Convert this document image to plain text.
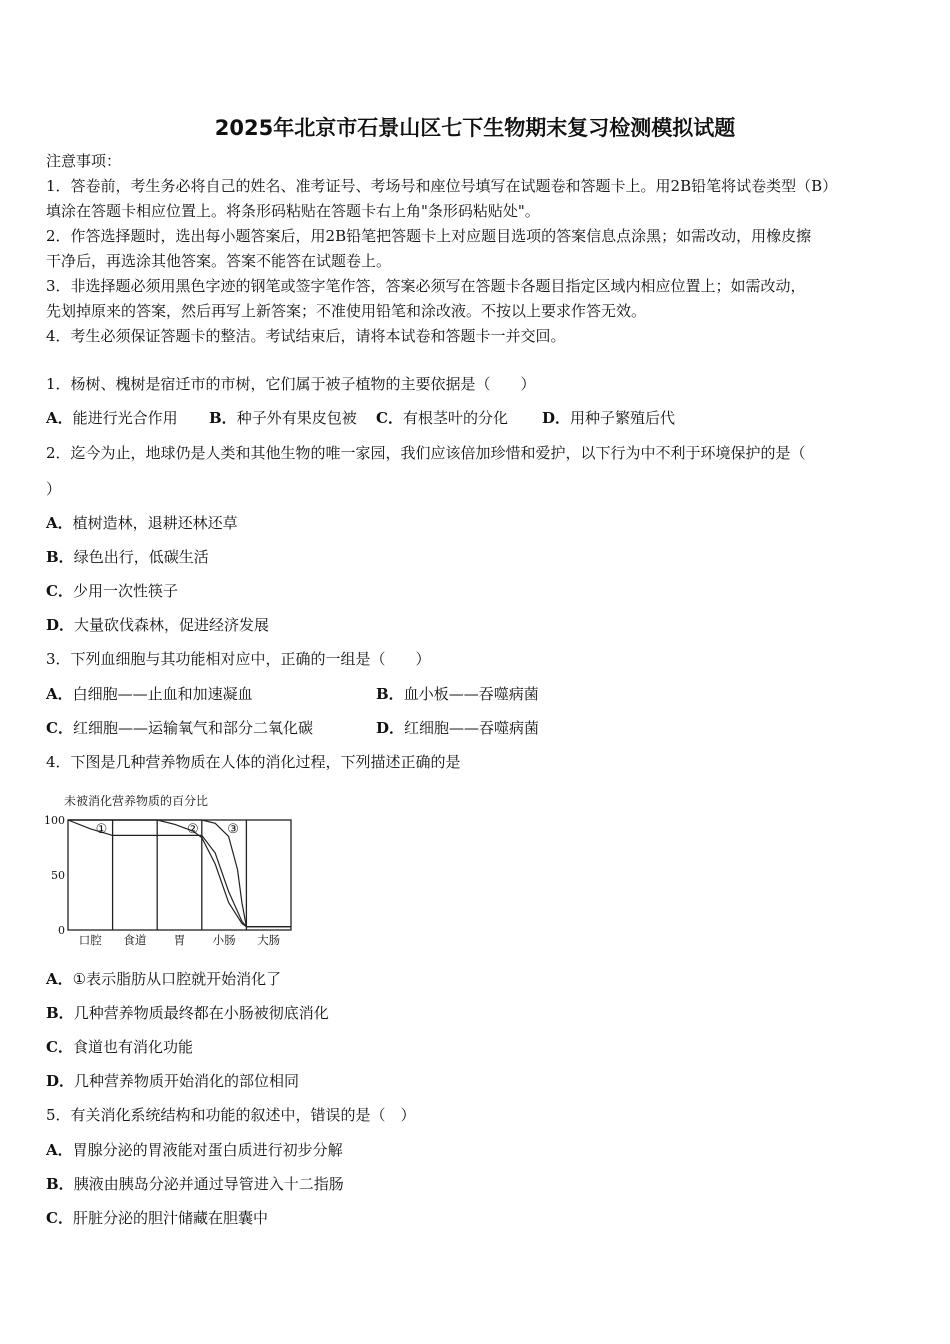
2025年北京市石景山区七下生物期末复习检测模拟试题
注意事项：
1．答卷前，考生务必将自己的姓名、准考证号、考场号和座位号填写在试题卷和答题卡上。用2B铅笔将试卷类型（B）
填涂在答题卡相应位置上。将条形码粘贴在答题卡右上角"条形码粘贴处"。
2．作答选择题时，选出每小题答案后，用2B铅笔把答题卡上对应题目选项的答案信息点涂黑；如需改动，用橡皮擦
干净后，再选涂其他答案。答案不能答在试题卷上。
3．非选择题必须用黑色字迹的钢笔或签字笔作答，答案必须写在答题卡各题目指定区域内相应位置上；如需改动，
先划掉原来的答案，然后再写上新答案；不准使用铅笔和涂改液。不按以上要求作答无效。
4．考生必须保证答题卡的整洁。考试结束后，请将本试卷和答题卡一并交回。
1．杨树、槐树是宿迁市的市树，它们属于被子植物的主要依据是（　　）
A．能进行光合作用 B．种子外有果皮包被 C．有根茎叶的分化 D．用种子繁殖后代
2．迄今为止，地球仍是人类和其他生物的唯一家园，我们应该倍加珍惜和爱护，以下行为中不利于环境保护的是（
）
A．植树造林，退耕还林还草
B．绿色出行，低碳生活
C．少用一次性筷子
D．大量砍伐森林，促进经济发展
3．下列血细胞与其功能相对应中，正确的一组是（　　）
A．白细胞——止血和加速凝血	B．血小板——吞噬病菌
C．红细胞——运输氧气和部分二氧化碳	D．红细胞——吞噬病菌
4．下图是几种营养物质在人体的消化过程，下列描述正确的是
未被消化营养物质的百分比
100
50
0
①	② ③
口腔 食道 胃 小肠 大肠
A．①表示脂肪从口腔就开始消化了
B．几种营养物质最终都在小肠被彻底消化
C．食道也有消化功能
D．几种营养物质开始消化的部位相同
5．有关消化系统结构和功能的叙述中，错误的是（　）
A．胃腺分泌的胃液能对蛋白质进行初步分解
B．胰液由胰岛分泌并通过导管进入十二指肠
C．肝脏分泌的胆汁储藏在胆囊中
